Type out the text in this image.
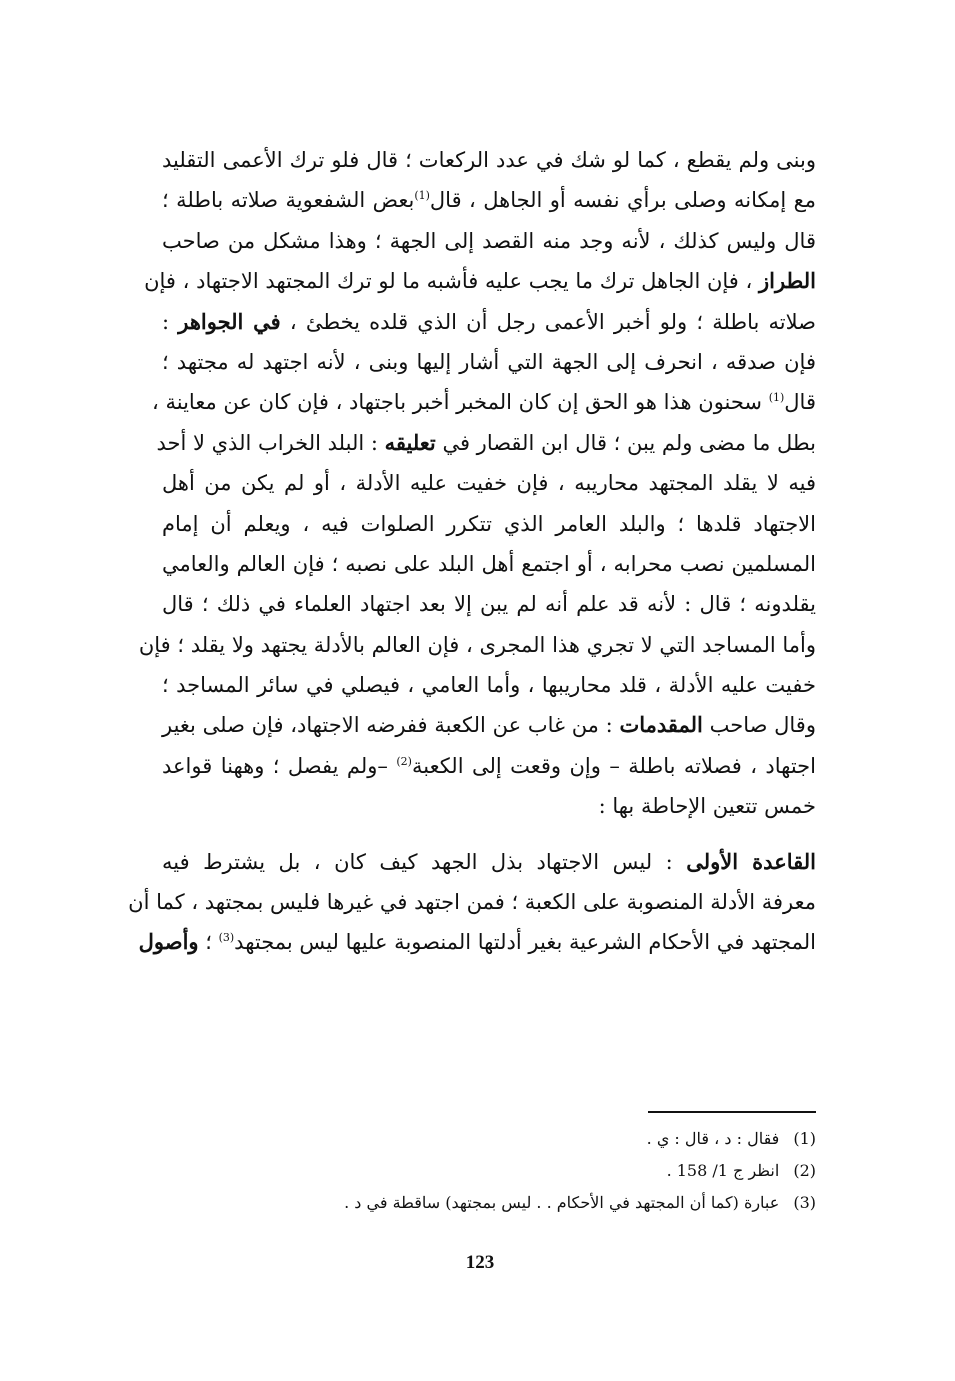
وبنى ولم يقطع ، كما لو شك في عدد الركعات ؛ قال فلو ترك الأعمى التقليد
مع إمكانه وصلى برأي نفسه أو الجاهل ، قال$^{(1)}$بعض الشفعوية صلاته باطلة ؛
قال وليس كذلك ، لأنه وجد منه القصد إلى الجهة ؛ وهذا مشكل من صاحب
الطراز ، فإن الجاهل ترك ما يجب عليه فأشبه ما لو ترك المجتهد الاجتهاد ، فإن
صلاته باطلة ؛ ولو أخبر الأعمى رجل أن الذي قلده يخطئ ، في الجواهر :
فإن صدقه ، انحرف إلى الجهة التي أشار إليها وبنى ، لأنه اجتهد له مجتهد ؛
قال$^{(1)}$ سحنون هذا هو الحق إن كان المخبر أخبر باجتهاد ، فإن كان عن معاينة ،
بطل ما مضى ولم يبن ؛ قال ابن القصار في تعليقه : البلد الخراب الذي لا أحد
فيه لا يقلد المجتهد محاريبه ، فإن خفيت عليه الأدلة ، أو لم يكن من أهل
الاجتهاد قلدها ؛ والبلد العامر الذي تتكرر الصلوات فيه ، ويعلم أن إمام
المسلمين نصب محرابه ، أو اجتمع أهل البلد على نصبه ؛ فإن العالم والعامي
يقلدونه ؛ قال : لأنه قد علم أنه لم يبن إلا بعد اجتهاد العلماء في ذلك ؛ قال
وأما المساجد التي لا تجري هذا المجرى ، فإن العالم بالأدلة يجتهد ولا يقلد ؛ فإن
خفيت عليه الأدلة ، قلد محاريبها ، وأما العامي ، فيصلي في سائر المساجد ؛
وقال صاحب المقدمات : من غاب عن الكعبة ففرضه الاجتهاد، فإن صلى بغير
اجتهاد ، فصلاته باطلة – وإن وقعت إلى الكعبة$^{(2)}$ –ولم يفصل ؛ وههنا قواعد
خمس تتعين الإحاطة بها :
القاعدة الأولى : ليس الاجتهاد بذل الجهد كيف كان ، بل يشترط فيه
معرفة الأدلة المنصوبة على الكعبة ؛ فمن اجتهد في غيرها فليس بمجتهد ، كما أن
المجتهد في الأحكام الشرعية بغير أدلتها المنصوبة عليها ليس بمجتهد$^{(3)}$ ؛ وأصول
(1)فقال : د ، قال : ي .
(2)انظر ج 1/ 158 .
(3)عبارة (كما أن المجتهد في الأحكام . . ليس بمجتهد) ساقطة في د .
123
